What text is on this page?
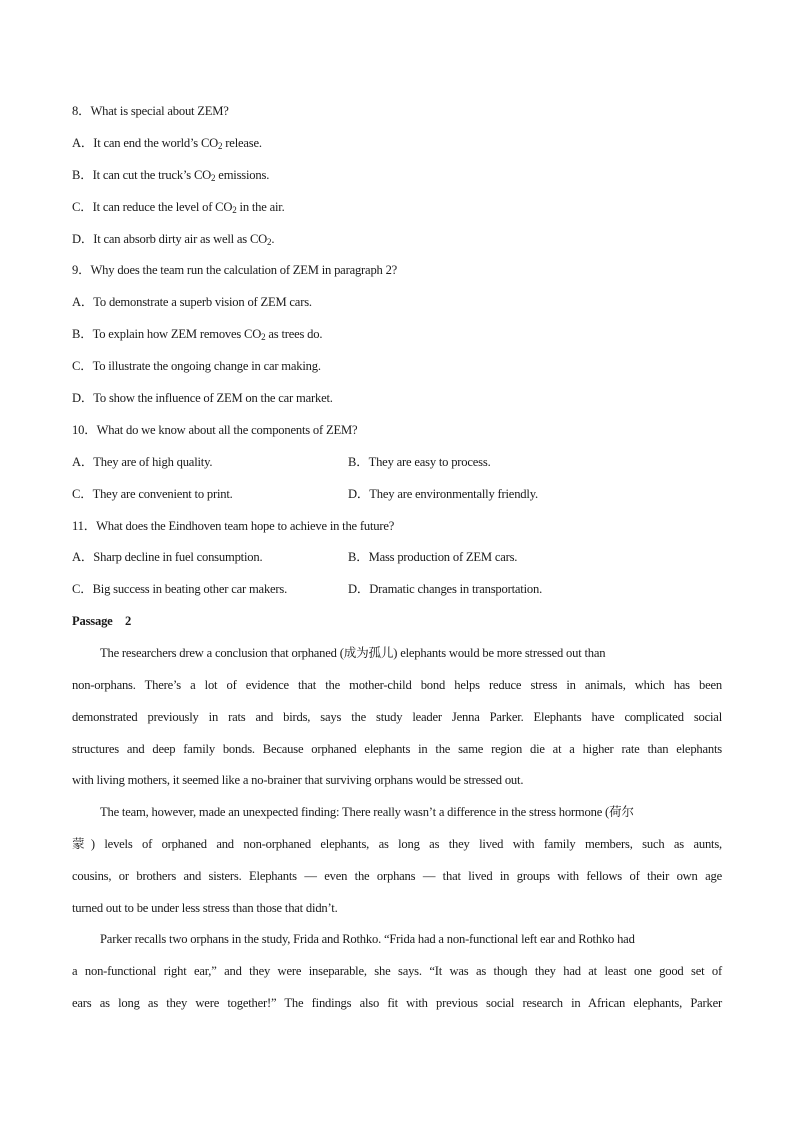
8．What is special about ZEM?
A．It can end the world’s $CO_2$ release.
B．It can cut the truck’s $CO_2$ emissions.
C．It can reduce the level of $CO_2$ in the air.
D．It can absorb dirty air as well as $CO_2$.
9．Why does the team run the calculation of ZEM in paragraph 2?
A．To demonstrate a superb vision of ZEM cars.
B．To explain how ZEM removes $CO_2$ as trees do.
C．To illustrate the ongoing change in car making.
D．To show the influence of ZEM on the car market.
10．What do we know about all the components of ZEM?
A．They are of high quality.	B．They are easy to process.
C．They are convenient to print.	D．They are environmentally friendly.
11．What does the Eindhoven team hope to achieve in the future?
A．Sharp decline in fuel consumption.	B．Mass production of ZEM cars.
C．Big success in beating other car makers.	D．Dramatic changes in transportation.
Passage　2
The researchers drew a conclusion that orphaned (成为孤儿) elephants would be more stressed out than
non-orphans. There’s a lot of evidence that the mother-child bond helps reduce stress in animals, which has been
demonstrated previously in rats and birds, says the study leader Jenna Parker. Elephants have complicated social
structures and deep family bonds. Because orphaned elephants in the same region die at a higher rate than elephants
with living mothers, it seemed like a no-brainer that surviving orphans would be stressed out.
The team, however, made an unexpected finding: There really wasn’t a difference in the stress hormone (荷尔
蒙) levels of orphaned and non-orphaned elephants, as long as they lived with family members, such as aunts,
cousins, or brothers and sisters. Elephants — even the orphans — that lived in groups with fellows of their own age
turned out to be under less stress than those that didn’t.
Parker recalls two orphans in the study, Frida and Rothko. “Frida had a non-functional left ear and Rothko had
a non-functional right ear,” and they were inseparable, she says. “It was as though they had at least one good set of
ears as long as they were together!” The findings also fit with previous social research in African elephants, Parker
